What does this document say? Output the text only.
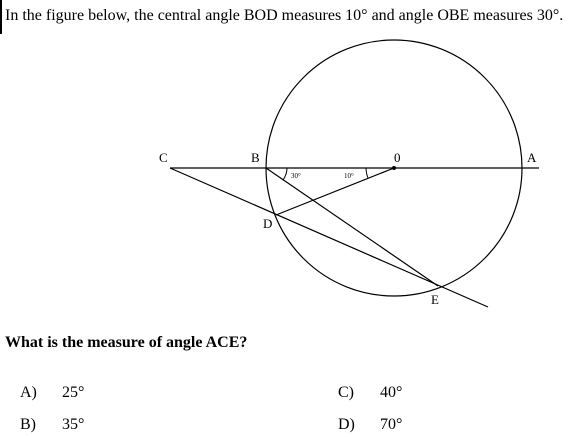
In the figure below, the central angle BOD measures 10° and angle OBE measures 30°.
C	B	0	A
D
E
30°	10°
What is the measure of angle ACE?
A) 25°
B) 35°
C) 40°
D) 70°
